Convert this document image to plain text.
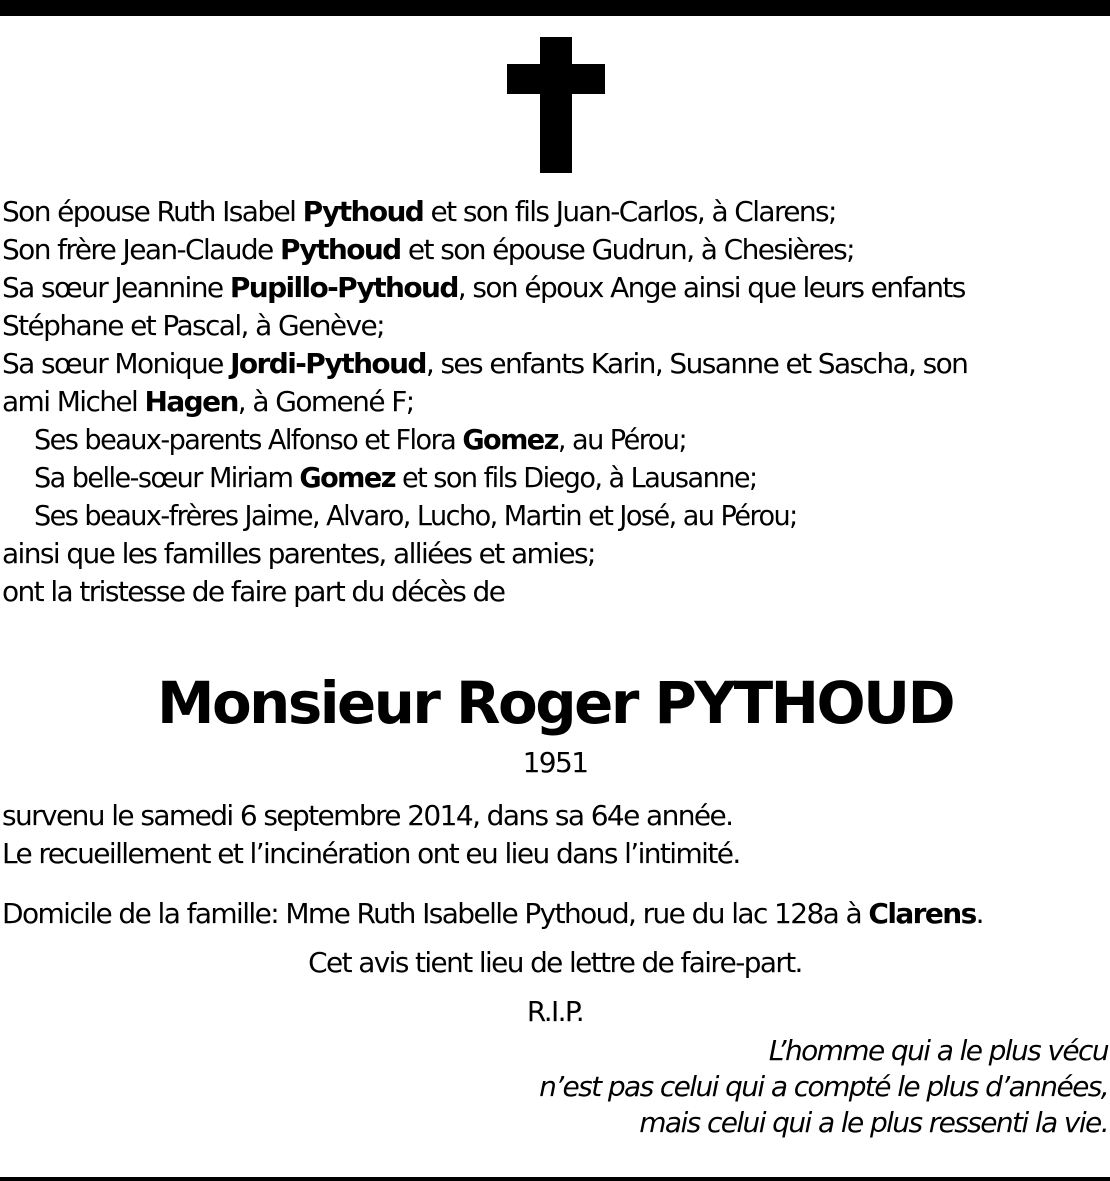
Son épouse Ruth Isabel Pythoud et son fils Juan-Carlos, à Clarens;
Son frère Jean-Claude Pythoud et son épouse Gudrun, à Chesières;
Sa sœur Jeannine Pupillo-Pythoud, son époux Ange ainsi que leurs enfants
Stéphane et Pascal, à Genève;
Sa sœur Monique Jordi-Pythoud, ses enfants Karin, Susanne et Sascha, son
ami Michel Hagen, à Gomené F;
Ses beaux-parents Alfonso et Flora Gomez, au Pérou;
Sa belle-sœur Miriam Gomez et son fils Diego, à Lausanne;
Ses beaux-frères Jaime, Alvaro, Lucho, Martin et José, au Pérou;
ainsi que les familles parentes, alliées et amies;
ont la tristesse de faire part du décès de
Monsieur Roger PYTHOUD
1951
survenu le samedi 6 septembre 2014, dans sa 64e année.
Le recueillement et l’incinération ont eu lieu dans l’intimité.
Domicile de la famille: Mme Ruth Isabelle Pythoud, rue du lac 128a à Clarens.
Cet avis tient lieu de lettre de faire-part.
R.I.P.
L’homme qui a le plus vécu
n’est pas celui qui a compté le plus d’années,
mais celui qui a le plus ressenti la vie.
